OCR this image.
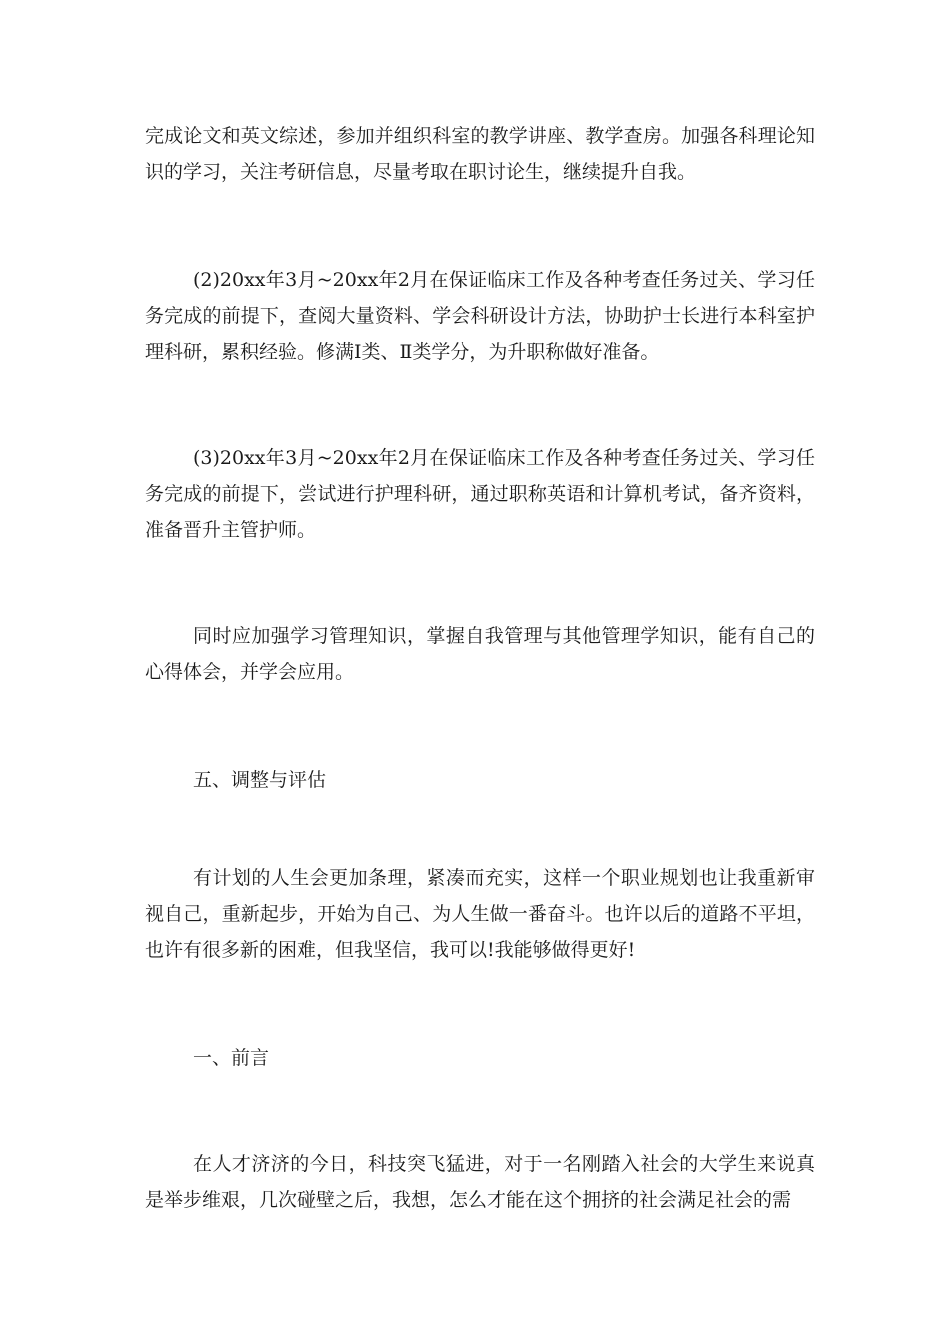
完成论文和英文综述，参加并组织科室的教学讲座、教学查房。加强各科理论知识的学习，关注考研信息，尽量考取在职讨论生，继续提升自我。
(2)20xx年3月~20xx年2月在保证临床工作及各种考查任务过关、学习任务完成的前提下，查阅大量资料、学会科研设计方法，协助护士长进行本科室护理科研，累积经验。修满Ⅰ类、Ⅱ类学分，为升职称做好准备。
(3)20xx年3月~20xx年2月在保证临床工作及各种考查任务过关、学习任务完成的前提下，尝试进行护理科研，通过职称英语和计算机考试，备齐资料，准备晋升主管护师。
同时应加强学习管理知识，掌握自我管理与其他管理学知识，能有自己的心得体会，并学会应用。
五、调整与评估
有计划的人生会更加条理，紧凑而充实，这样一个职业规划也让我重新审视自己，重新起步，开始为自己、为人生做一番奋斗。也许以后的道路不平坦，也许有很多新的困难，但我坚信，我可以!我能够做得更好!
一、前言
在人才济济的今日，科技突飞猛进，对于一名刚踏入社会的大学生来说真是举步维艰，几次碰壁之后，我想，怎么才能在这个拥挤的社会满足社会的需
